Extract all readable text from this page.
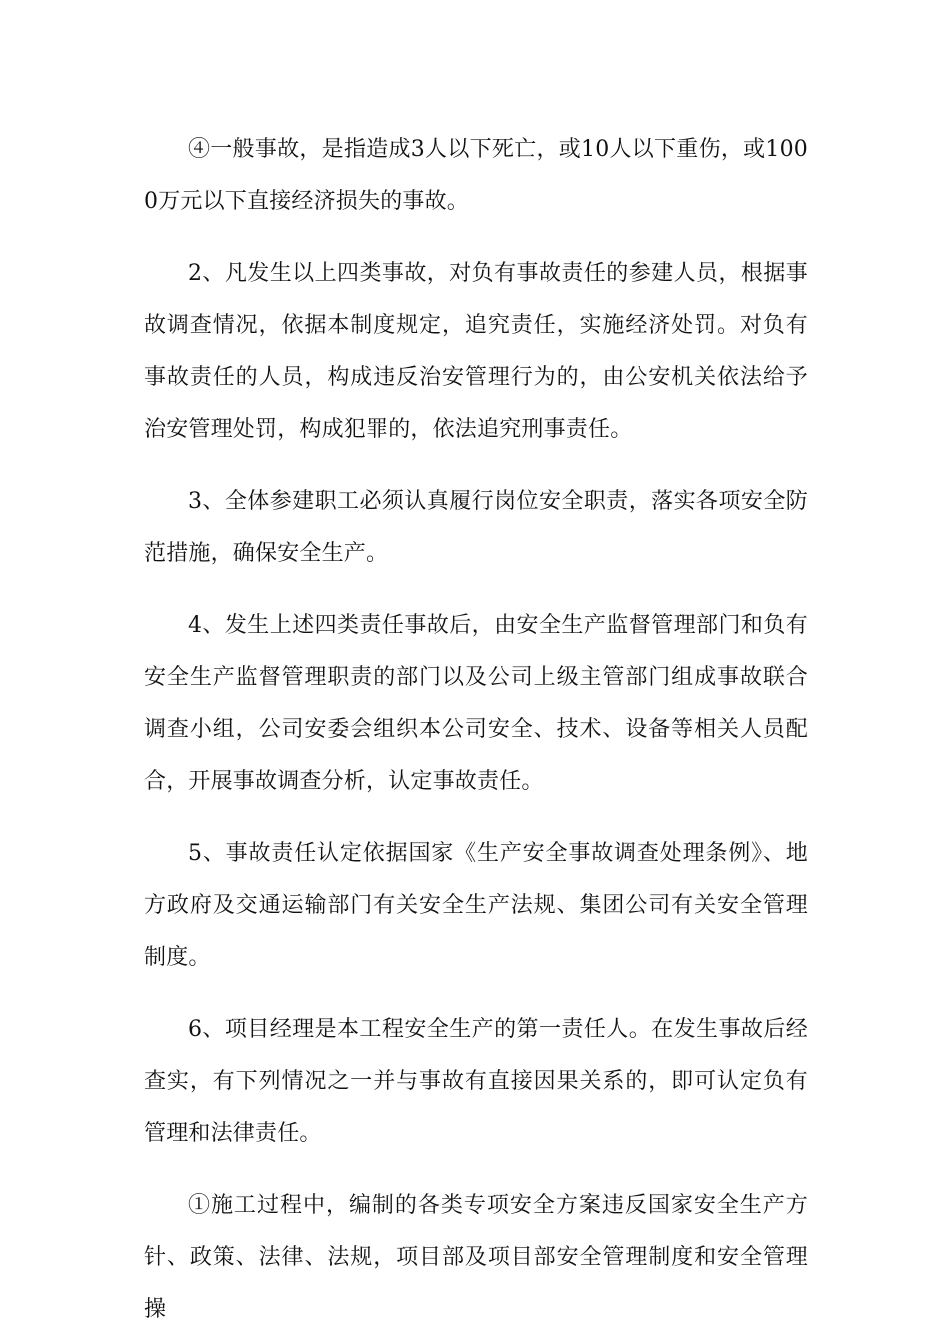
④一般事故，是指造成3人以下死亡，或10人以下重伤，或1000万元以下直接经济损失的事故。

2、凡发生以上四类事故，对负有事故责任的参建人员，根据事故调查情况，依据本制度规定，追究责任，实施经济处罚。对负有事故责任的人员，构成违反治安管理行为的，由公安机关依法给予治安管理处罚，构成犯罪的，依法追究刑事责任。

3、全体参建职工必须认真履行岗位安全职责，落实各项安全防范措施，确保安全生产。

4、发生上述四类责任事故后，由安全生产监督管理部门和负有安全生产监督管理职责的部门以及公司上级主管部门组成事故联合调查小组，公司安委会组织本公司安全、技术、设备等相关人员配合，开展事故调查分析，认定事故责任。

5、事故责任认定依据国家《生产安全事故调查处理条例》、地方政府及交通运输部门有关安全生产法规、集团公司有关安全管理制度。

6、项目经理是本工程安全生产的第一责任人。在发生事故后经查实，有下列情况之一并与事故有直接因果关系的，即可认定负有管理和法律责任。

①施工过程中，编制的各类专项安全方案违反国家安全生产方针、政策、法律、法规，项目部及项目部安全管理制度和安全管理操
